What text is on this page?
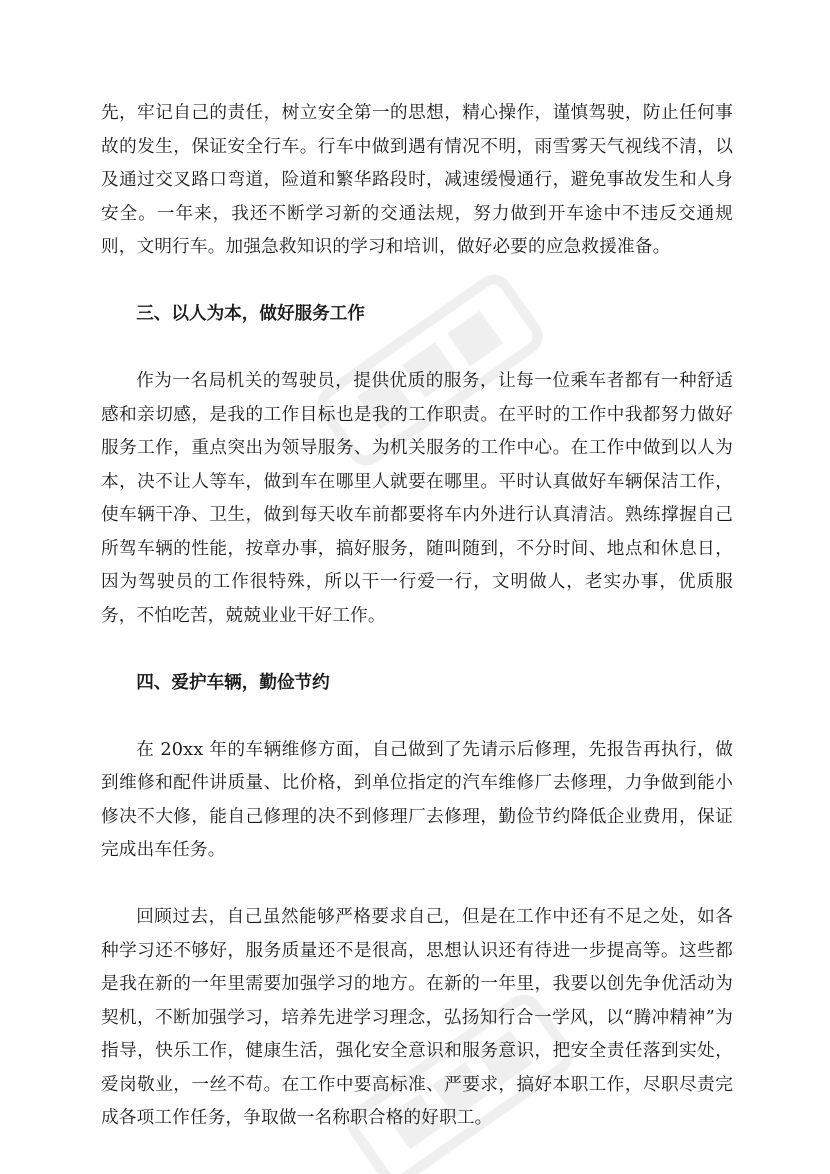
先，牢记自己的责任，树立安全第一的思想，精心操作，谨慎驾驶，防止任何事故的发生，保证安全行车。行车中做到遇有情况不明，雨雪雾天气视线不清，以及通过交叉路口弯道，险道和繁华路段时，减速缓慢通行，避免事故发生和人身安全。一年来，我还不断学习新的交通法规，努力做到开车途中不违反交通规则，文明行车。加强急救知识的学习和培训，做好必要的应急救援准备。

三、以人为本，做好服务工作

作为一名局机关的驾驶员，提供优质的服务，让每一位乘车者都有一种舒适感和亲切感，是我的工作目标也是我的工作职责。在平时的工作中我都努力做好服务工作，重点突出为领导服务、为机关服务的工作中心。在工作中做到以人为本，决不让人等车，做到车在哪里人就要在哪里。平时认真做好车辆保洁工作，使车辆干净、卫生，做到每天收车前都要将车内外进行认真清洁。熟练撑握自己所驾车辆的性能，按章办事，搞好服务，随叫随到，不分时间、地点和休息日，因为驾驶员的工作很特殊，所以干一行爱一行，文明做人，老实办事，优质服务，不怕吃苦，兢兢业业干好工作。

四、爱护车辆，勤俭节约

在 20xx 年的车辆维修方面，自己做到了先请示后修理，先报告再执行，做到维修和配件讲质量、比价格，到单位指定的汽车维修厂去修理，力争做到能小修决不大修，能自己修理的决不到修理厂去修理，勤俭节约降低企业费用，保证完成出车任务。

回顾过去，自己虽然能够严格要求自己，但是在工作中还有不足之处，如各种学习还不够好，服务质量还不是很高，思想认识还有待进一步提高等。这些都是我在新的一年里需要加强学习的地方。在新的一年里，我要以创先争优活动为契机，不断加强学习，培养先进学习理念，弘扬知行合一学风，以“腾冲精神”为指导，快乐工作，健康生活，强化安全意识和服务意识，把安全责任落到实处，爱岗敬业，一丝不苟。在工作中要高标准、严要求，搞好本职工作，尽职尽责完成各项工作任务，争取做一名称职合格的好职工。
